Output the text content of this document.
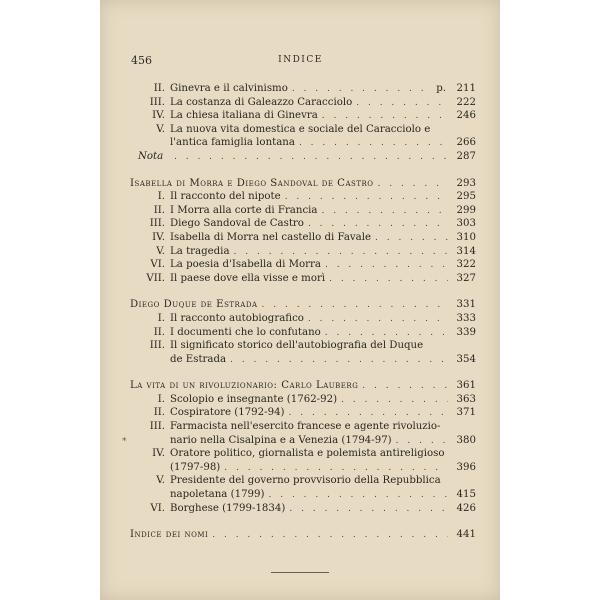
456	INDICE
*
II. Ginevra e il calvinismo . . .	p.	211
III. La costanza di Galeazzo Caracciolo . . .	222
IV. La chiesa italiana di Ginevra . . .	246
V. La nuova vita domestica e sociale del Caracciolo e
l'antica famiglia lontana . . .	266
Nota . . .	287
Isabella di Morra e Diego Sandoval de Castro . . .	293
I. Il racconto del nipote . . .	295
II. I Morra alla corte di Francia . . .	299
III. Diego Sandoval de Castro . . .	303
IV. Isabella di Morra nel castello di Favale . . .	310
V. La tragedia . . .	314
VI. La poesia d'Isabella di Morra . . .	322
VII. Il paese dove ella visse e morì . . .	327
Diego Duque de Estrada . . .	331
I. Il racconto autobiografico . . .	333
II. I documenti che lo confutano . . .	339
III. Il significato storico dell'autobiografia del Duque
de Estrada . . .	354
La vita di un rivoluzionario: Carlo Lauberg . . .	361
I. Scolopio e insegnante (1762-92) . . .	363
II. Cospiratore (1792-94) . . .	371
III. Farmacista nell'esercito francese e agente rivoluzio-
nario nella Cisalpina e a Venezia (1794-97) . . .	380
IV. Oratore politico, giornalista e polemista antireligioso
(1797-98) . . .	396
V. Presidente del governo provvisorio della Repubblica
napoletana (1799) . . .	415
VI. Borghese (1799-1834) . . .	426
Indice dei nomi . . .	441
